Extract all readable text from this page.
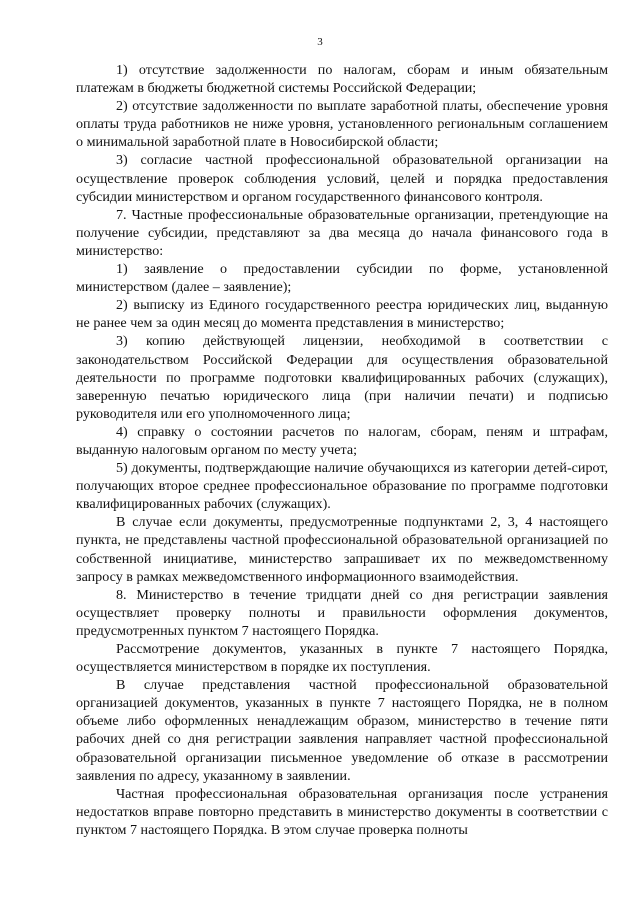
3

1) отсутствие задолженности по налогам, сборам и иным обязательным платежам в бюджеты бюджетной системы Российской Федерации;

2) отсутствие задолженности по выплате заработной платы, обеспечение уровня оплаты труда работников не ниже уровня, установленного региональным соглашением о минимальной заработной плате в Новосибирской области;

3) согласие частной профессиональной образовательной организации на осуществление проверок соблюдения условий, целей и порядка предоставления субсидии министерством и органом государственного финансового контроля.

7. Частные профессиональные образовательные организации, претендующие на получение субсидии, представляют за два месяца до начала финансового года в министерство:

1) заявление о предоставлении субсидии по форме, установленной министерством (далее – заявление);

2) выписку из Единого государственного реестра юридических лиц, выданную не ранее чем за один месяц до момента представления в министерство;

3) копию действующей лицензии, необходимой в соответствии с законодательством Российской Федерации для осуществления образовательной деятельности по программе подготовки квалифицированных рабочих (служащих), заверенную печатью юридического лица (при наличии печати) и подписью руководителя или его уполномоченного лица;

4) справку о состоянии расчетов по налогам, сборам, пеням и штрафам, выданную налоговым органом по месту учета;

5) документы, подтверждающие наличие обучающихся из категории детей-сирот, получающих второе среднее профессиональное образование по программе подготовки квалифицированных рабочих (служащих).

В случае если документы, предусмотренные подпунктами 2, 3, 4 настоящего пункта, не представлены частной профессиональной образовательной организацией по собственной инициативе, министерство запрашивает их по межведомственному запросу в рамках межведомственного информационного взаимодействия.

8. Министерство в течение тридцати дней со дня регистрации заявления осуществляет проверку полноты и правильности оформления документов, предусмотренных пунктом 7 настоящего Порядка.

Рассмотрение документов, указанных в пункте 7 настоящего Порядка, осуществляется министерством в порядке их поступления.

В случае представления частной профессиональной образовательной организацией документов, указанных в пункте 7 настоящего Порядка, не в полном объеме либо оформленных ненадлежащим образом, министерство в течение пяти рабочих дней со дня регистрации заявления направляет частной профессиональной образовательной организации письменное уведомление об отказе в рассмотрении заявления по адресу, указанному в заявлении.

Частная профессиональная образовательная организация после устранения недостатков вправе повторно представить в министерство документы в соответствии с пунктом 7 настоящего Порядка. В этом случае проверка полноты
